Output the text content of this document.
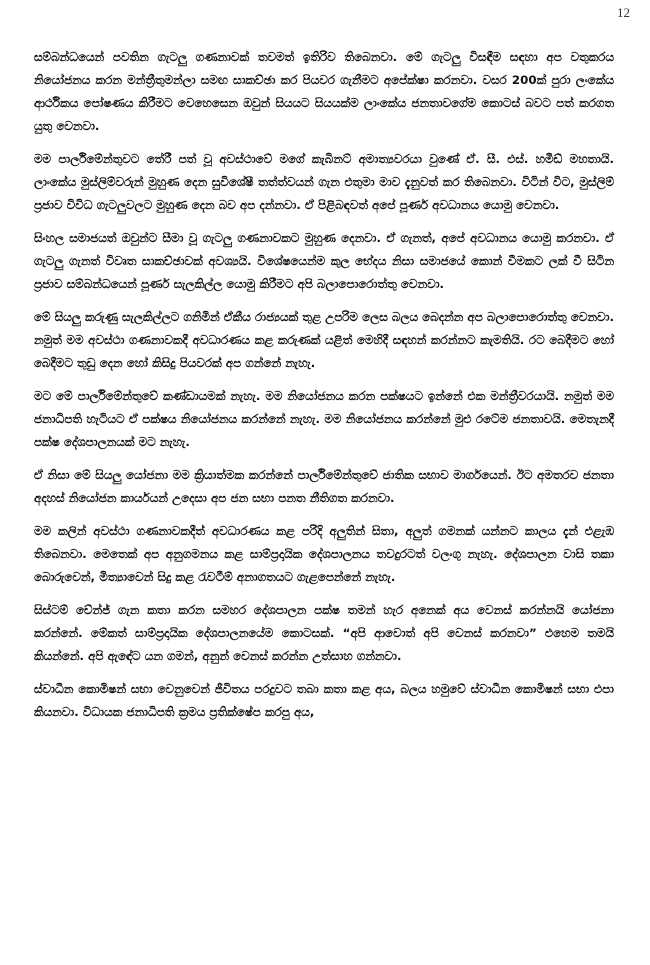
12

සම්බන්ධයෙන් පවතින ගැටලු ගණනාවක් තවමත් ඉතිරිව තිබෙනවා. මේ ගැටලු විසඳීම සඳහා අප වතුකරය නියෝජනය කරන මන්ත්‍රීතුමන්ලා සමඟ සාකච්ඡා කර පියවර ගැනීමට අපේක්ෂා කරනවා. වසර 200ක් පුරා ලංකේය ආර්ථිකය පෝෂණය කිරීමට වෙහෙසෙන ඔවුන් සියයට සියයක්ම ලාංකේය ජනතාවගේම කොටස් බවට පත් කරගත යුතු වෙනවා.

මම පාර්ලිමේන්තුවට තේරී පත් වූ අවස්ථාවේ මගේ කැබිනට් අමාත්‍යවරයා වුණේ ඒ. සී. එස්. හමීඩ් මහතායි. ලාංකේය මුස්ලිම්වරුන් මුහුණ දෙන සුවිශේෂී තත්ත්වයන් ගැන එතුමා මාව දැනුවත් කර තිබෙනවා. විටින් විට, මුස්ලිම් ප්‍රජාව විවිධ ගැටලුවලට මුහුණ දෙන බව අප දන්නවා. ඒ පිළිබඳවත් අපේ පූර්ණ අවධානය යොමු වෙනවා.

සිංහල සමාජයත් ඔවුන්ට සීමා වූ ගැටලු ගණනාවකට මුහුණ දෙනවා. ඒ ගැනත්, අපේ අවධානය යොමු කරනවා. ඒ ගැටලු ගැනත් විවෘත සාකච්ඡාවක් අවශ්‍යයි. විශේෂයෙන්ම කුල භේදය නිසා සමාජයේ කොන් වීමකට ලක් වී සිටින ප්‍රජාව සම්බන්ධයෙන් පූර්ණ සැලකිල්ල යොමු කිරීමට අපි බලාපොරොත්තු වෙනවා.

මේ සියලු කරුණු සැලකිල්ලට ගනිමින් ඒකීය රාජ්‍යයක් තුළ උපරිම ලෙස බලය බෙදන්න අප බලාපොරොත්තු වෙනවා. නමුත් මම අවස්ථා ගණනාවකදී අවධාරණය කළ කරුණක් යළිත් මෙහිදී සඳහන් කරන්නට කැමතියි. රට බෙදීමට හෝ බෙදීමට තුඩු දෙන හෝ කිසිදු පියවරක් අප ගන්නේ නැහැ.

මට මේ පාර්ලිමේන්තුවේ කණ්ඩායමක් නැහැ. මම නියෝජනය කරන පක්ෂයට ඉන්නේ එක මන්ත්‍රීවරයායි. නමුත් මම ජනාධිපති හැටියට ඒ පක්ෂය නියෝජනය කරන්නේ නැහැ. මම නියෝජනය කරන්නේ මුළු රටේම ජනතාවයි. මෙතැනදී පක්ෂ දේශපාලනයක් මට නැහැ.

ඒ නිසා මේ සියලු යෝජනා මම ක්‍රියාත්මක කරන්නේ පාර්ලිමේන්තුවේ ජාතික සභාව මාර්ගයෙන්. ඊට අමතරව ජනතා අදහස් නියෝජන කාර්යයන් උදෙසා අප ජන සභා පනත නීතිගත කරනවා.

මම කලින් අවස්ථා ගණනාවකදීත් අවධාරණය කළ පරිදි අලුතින් සිතා, අලුත් ගමනක් යන්නට කාලය දැන් එළැඹ තිබෙනවා. මෙතෙක් අප අනුගමනය කළ සාම්ප්‍රදායික දේශපාලනය තවදුරටත් වලංගු නැහැ. දේශපාලන වාසි තකා බොරුවෙන්, මිත්‍යාවෙන් සිදු කළ රැවටීම් අනාගතයට ගැළපෙන්නේ නැහැ.

සිස්ටම් චේන්ජ් ගැන කතා කරන සමහර දේශපාලන පක්ෂ තමන් හැර අනෙක් අය වෙනස් කරන්නයි යෝජනා කරන්නේ. මේකත් සාම්ප්‍රදායික දේශපාලනයේම කොටසක්. “අපි ආවොත් අපි වෙනස් කරනවා” එහෙම තමයි කියන්නේ. අපි ඇඳේට යන ගමන්, අනුන් වෙනස් කරන්න උත්සාහ ගන්නවා.

ස්වාධීන කොමිෂන් සභා වෙනුවෙන් ජීවිතය පරදුවට තබා කතා කළ අය, බලය හමුවේ ස්වාධීන කොමිෂන් සභා එපා කියනවා. විධායක ජනාධිපති ක්‍රමය ප්‍රතික්ෂේප කරපු අය,
